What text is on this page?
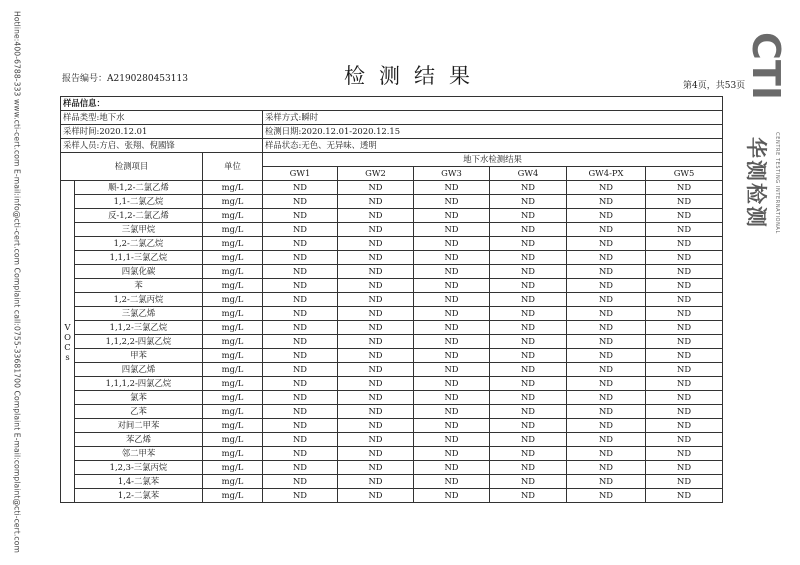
Hotline:400-6788-333 www.cti-cert.com E-mail:info@cti-cert.com Complaint call:0755-33681700 Complaint E-mail:complaint@cti-cert.com	CTI
华测检测	CENTRE TESTING INTERNATIONAL
报告编号：A2190280453113	检测结果	第4页，共53页
样品信息：								
样品类型:地下水			采样方式:瞬时					
采样时间:2020.12.01			检测日期:2020.12.01-2020.12.15					
采样人员:方启、张翔、倪國锋			样品状态:无色、无异味、透明					
检测项目		单位	地下水检测结果					
			GW1	GW2	GW3	GW4	GW4-PX	GW5
V
O
C
s	顺-1,2-二氯乙烯	mg/L	ND	ND	ND	ND	ND	ND
	1,1-二氯乙烷	mg/L	ND	ND	ND	ND	ND	ND
	反-1,2-二氯乙烯	mg/L	ND	ND	ND	ND	ND	ND
	三氯甲烷	mg/L	ND	ND	ND	ND	ND	ND
	1,2-二氯乙烷	mg/L	ND	ND	ND	ND	ND	ND
	1,1,1-三氯乙烷	mg/L	ND	ND	ND	ND	ND	ND
	四氯化碳	mg/L	ND	ND	ND	ND	ND	ND
	苯	mg/L	ND	ND	ND	ND	ND	ND
	1,2-二氯丙烷	mg/L	ND	ND	ND	ND	ND	ND
	三氯乙烯	mg/L	ND	ND	ND	ND	ND	ND
	1,1,2-三氯乙烷	mg/L	ND	ND	ND	ND	ND	ND
	1,1,2,2-四氯乙烷	mg/L	ND	ND	ND	ND	ND	ND
	甲苯	mg/L	ND	ND	ND	ND	ND	ND
	四氯乙烯	mg/L	ND	ND	ND	ND	ND	ND
	1,1,1,2-四氯乙烷	mg/L	ND	ND	ND	ND	ND	ND
	氯苯	mg/L	ND	ND	ND	ND	ND	ND
	乙苯	mg/L	ND	ND	ND	ND	ND	ND
	对间二甲苯	mg/L	ND	ND	ND	ND	ND	ND
	苯乙烯	mg/L	ND	ND	ND	ND	ND	ND
	邻二甲苯	mg/L	ND	ND	ND	ND	ND	ND
	1,2,3-三氯丙烷	mg/L	ND	ND	ND	ND	ND	ND
	1,4-二氯苯	mg/L	ND	ND	ND	ND	ND	ND
	1,2-二氯苯	mg/L	ND	ND	ND	ND	ND	ND
